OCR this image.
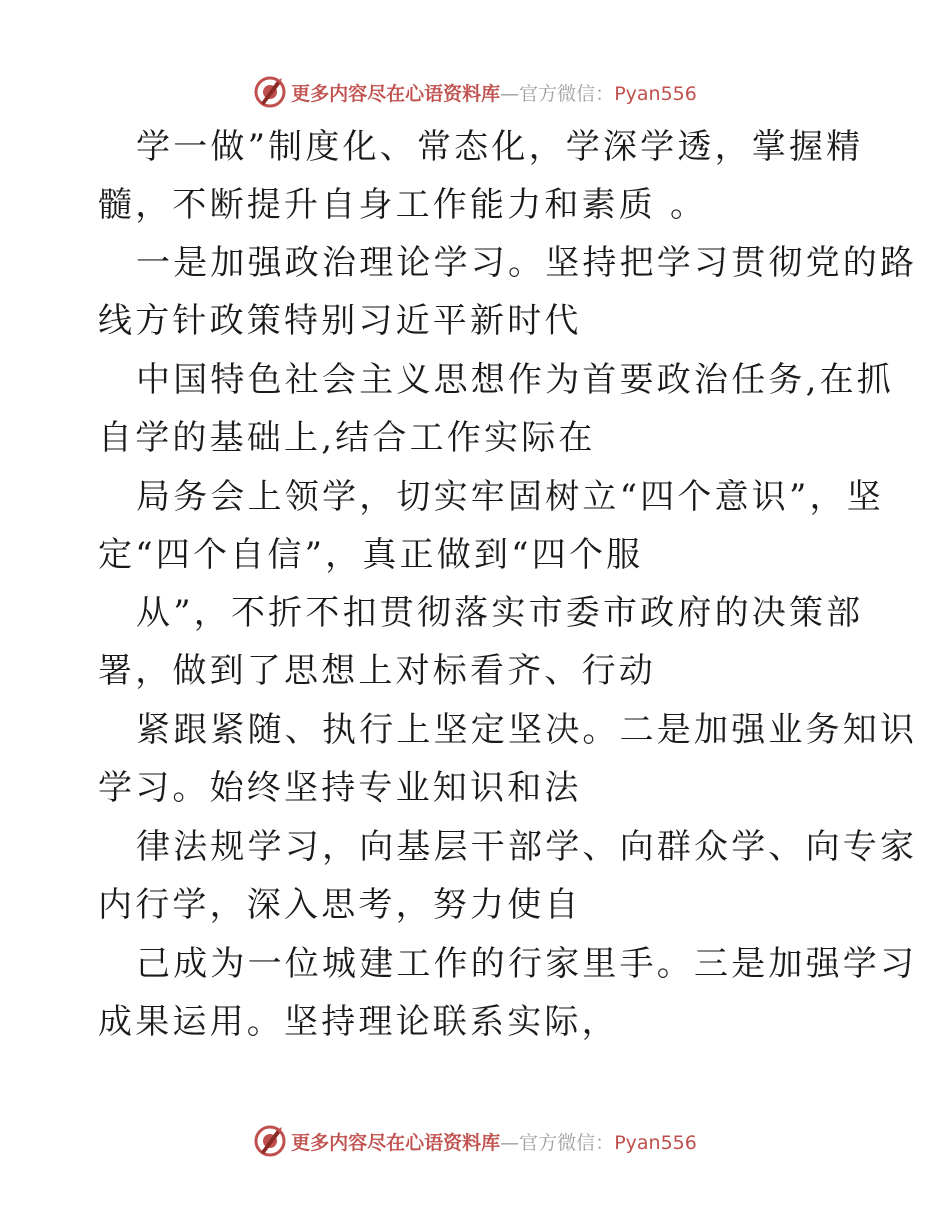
更多内容尽在心语资料库—官方微信：Pyan556
学一做”制度化、常态化，学深学透，掌握精
髓，不断提升自身工作能力和素质 。
一是加强政治理论学习。坚持把学习贯彻党的路
线方针政策特别习近平新时代
中国特色社会主义思想作为首要政治任务,在抓
自学的基础上,结合工作实际在
局务会上领学，切实牢固树立“四个意识”，坚
定“四个自信”，真正做到“四个服
从”，不折不扣贯彻落实市委市政府的决策部
署，做到了思想上对标看齐、行动
紧跟紧随、执行上坚定坚决。二是加强业务知识
学习。始终坚持专业知识和法
律法规学习，向基层干部学、向群众学、向专家
内行学，深入思考，努力使自
己成为一位城建工作的行家里手。三是加强学习
成果运用。坚持理论联系实际，
更多内容尽在心语资料库—官方微信：Pyan556
